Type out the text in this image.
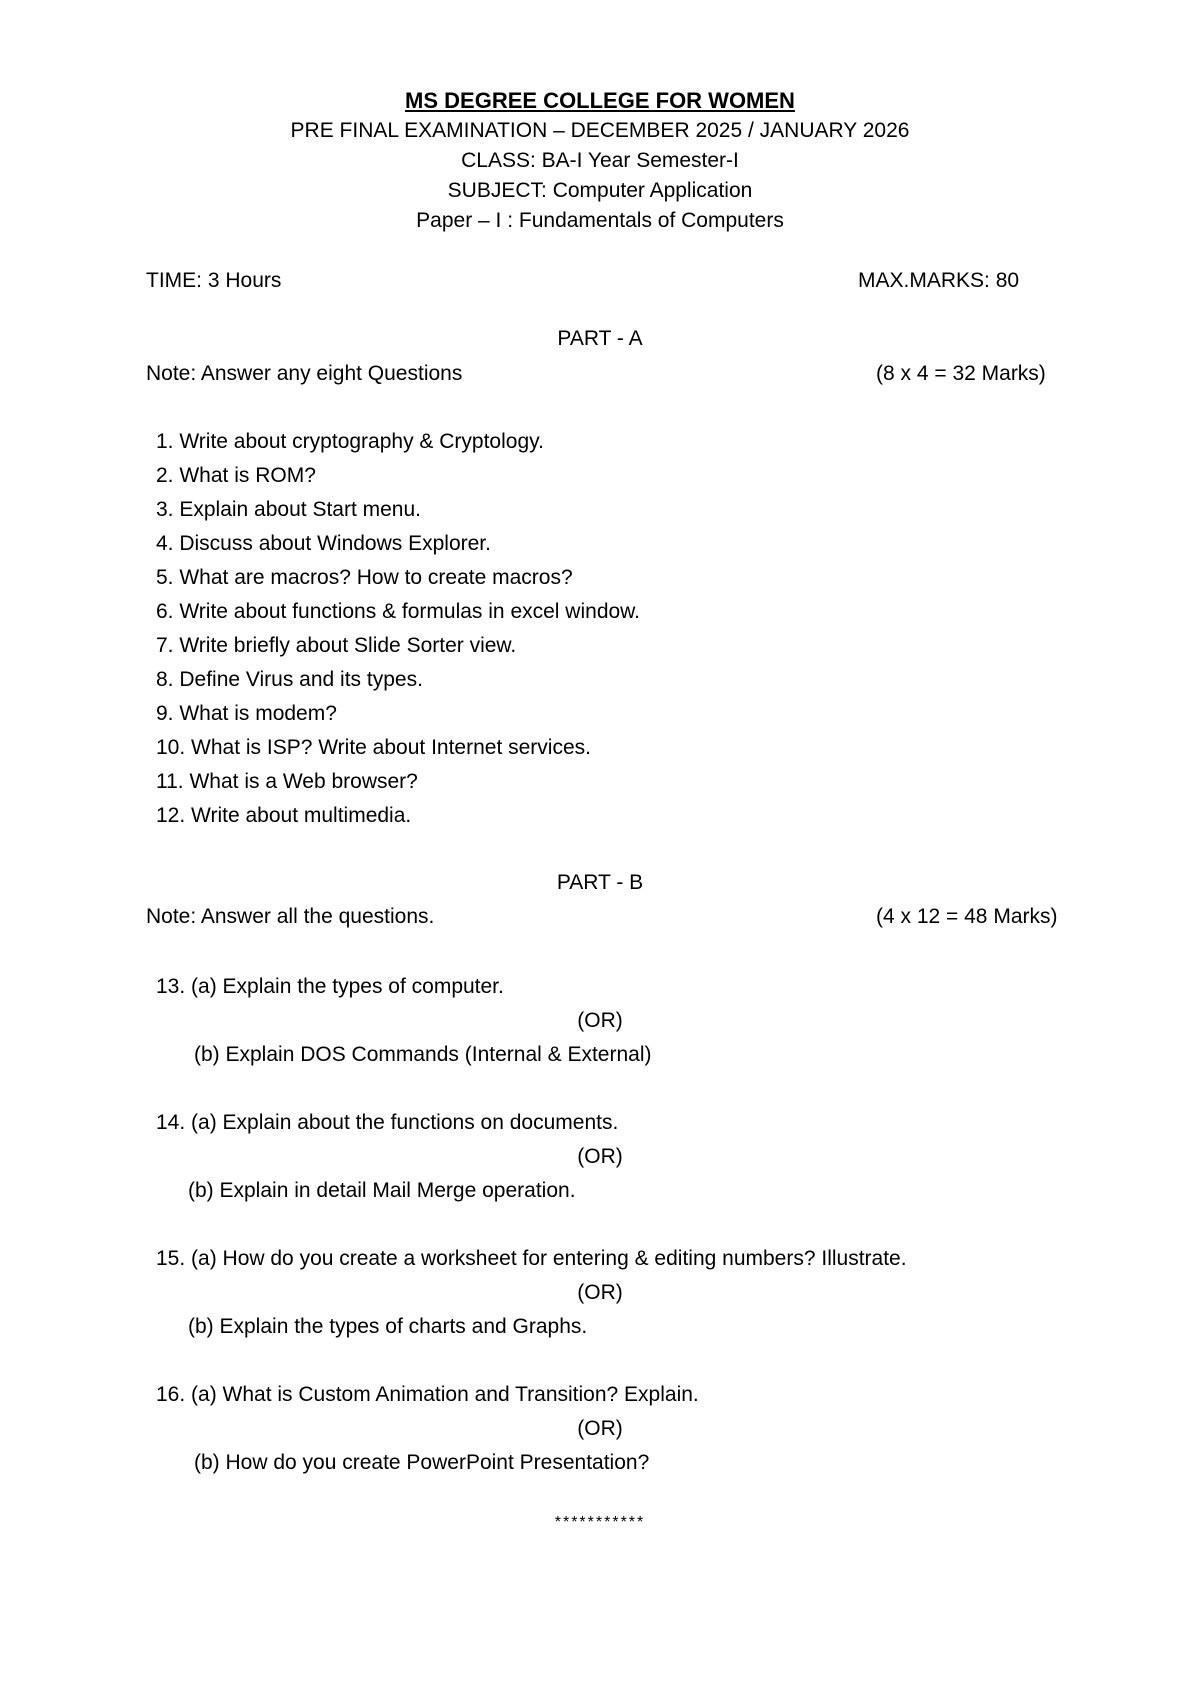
MS DEGREE COLLEGE FOR WOMEN
PRE FINAL EXAMINATION – DECEMBER 2025 / JANUARY 2026
CLASS: BA-I Year Semester-I
SUBJECT: Computer Application
Paper – I : Fundamentals of Computers
TIME: 3 Hours	MAX.MARKS: 80
PART - A
Note: Answer any eight Questions	(8 x 4 = 32 Marks)
1. Write about cryptography & Cryptology.
2. What is ROM?
3. Explain about Start menu.
4. Discuss about Windows Explorer.
5. What are macros? How to create macros?
6. Write about functions & formulas in excel window.
7. Write briefly about Slide Sorter view.
8. Define Virus and its types.
9. What is modem?
10. What is ISP? Write about Internet services.
11. What is a Web browser?
12. Write about multimedia.
PART - B
Note: Answer all the questions.	(4 x 12 = 48 Marks)
13. (a) Explain the types of computer.
(OR)
(b) Explain DOS Commands (Internal & External)
14. (a) Explain about the functions on documents.
(OR)
(b) Explain in detail Mail Merge operation.
15. (a) How do you create a worksheet for entering & editing numbers? Illustrate.
(OR)
(b) Explain the types of charts and Graphs.
16. (a) What is Custom Animation and Transition? Explain.
(OR)
(b) How do you create PowerPoint Presentation?
***********
